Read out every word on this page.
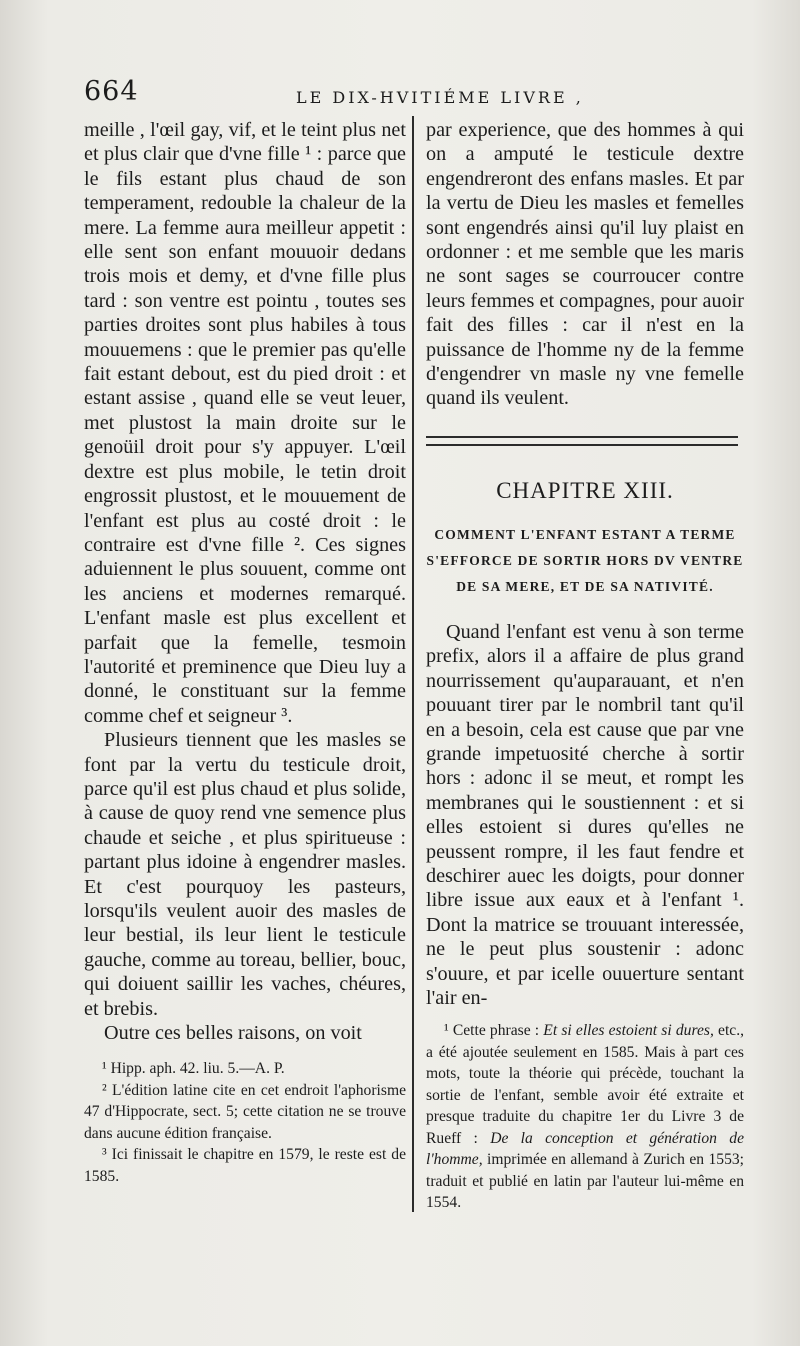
664	LE DIX-HVITIÉME LIVRE ,

meille , l'œil gay, vif, et le teint plus net et plus clair que d'vne fille ¹ : parce que le fils estant plus chaud de son temperament, redouble la chaleur de la mere. La femme aura meilleur appetit : elle sent son enfant mouuoir dedans trois mois et demy, et d'vne fille plus tard : son ventre est pointu , toutes ses parties droites sont plus habiles à tous mouuemens : que le premier pas qu'elle fait estant debout, est du pied droit : et estant assise , quand elle se veut leuer, met plustost la main droite sur le genoüil droit pour s'y appuyer. L'œil dextre est plus mobile, le tetin droit engrossit plustost, et le mouuement de l'enfant est plus au costé droit : le contraire est d'vne fille ². Ces signes aduiennent le plus souuent, comme ont les anciens et modernes remarqué. L'enfant masle est plus excellent et parfait que la femelle, tesmoin l'autorité et preminence que Dieu luy a donné, le constituant sur la femme comme chef et seigneur ³.

Plusieurs tiennent que les masles se font par la vertu du testicule droit, parce qu'il est plus chaud et plus solide, à cause de quoy rend vne semence plus chaude et seiche , et plus spiritueuse : partant plus idoine à engendrer masles. Et c'est pourquoy les pasteurs, lorsqu'ils veulent auoir des masles de leur bestial, ils leur lient le testicule gauche, comme au toreau, bellier, bouc, qui doiuent saillir les vaches, chéures, et brebis.

Outre ces belles raisons, on voit

¹ Hipp. aph. 42. liu. 5.—A. P.

² L'édition latine cite en cet endroit l'aphorisme 47 d'Hippocrate, sect. 5; cette citation ne se trouve dans aucune édition française.

³ Ici finissait le chapitre en 1579, le reste est de 1585.

par experience, que des hommes à qui on a amputé le testicule dextre engendreront des enfans masles. Et par la vertu de Dieu les masles et femelles sont engendrés ainsi qu'il luy plaist en ordonner : et me semble que les maris ne sont sages se courroucer contre leurs femmes et compagnes, pour auoir fait des filles : car il n'est en la puissance de l'homme ny de la femme d'engendrer vn masle ny vne femelle quand ils veulent.

CHAPITRE XIII.
COMMENT L'ENFANT ESTANT A TERME S'EFFORCE DE SORTIR HORS DV VENTRE DE SA MERE, ET DE SA NATIVITÉ.

Quand l'enfant est venu à son terme prefix, alors il a affaire de plus grand nourrissement qu'auparauant, et n'en pouuant tirer par le nombril tant qu'il en a besoin, cela est cause que par vne grande impetuosité cherche à sortir hors : adonc il se meut, et rompt les membranes qui le soustiennent : et si elles estoient si dures qu'elles ne peussent rompre, il les faut fendre et deschirer auec les doigts, pour donner libre issue aux eaux et à l'enfant ¹. Dont la matrice se trouuant interessée, ne le peut plus soustenir : adonc s'ouure, et par icelle ouuerture sentant l'air en-

¹ Cette phrase : Et si elles estoient si dures, etc., a été ajoutée seulement en 1585. Mais à part ces mots, toute la théorie qui précède, touchant la sortie de l'enfant, semble avoir été extraite et presque traduite du chapitre 1er du Livre 3 de Rueff : De la conception et génération de l'homme, imprimée en allemand à Zurich en 1553; traduit et publié en latin par l'auteur lui-même en 1554.
